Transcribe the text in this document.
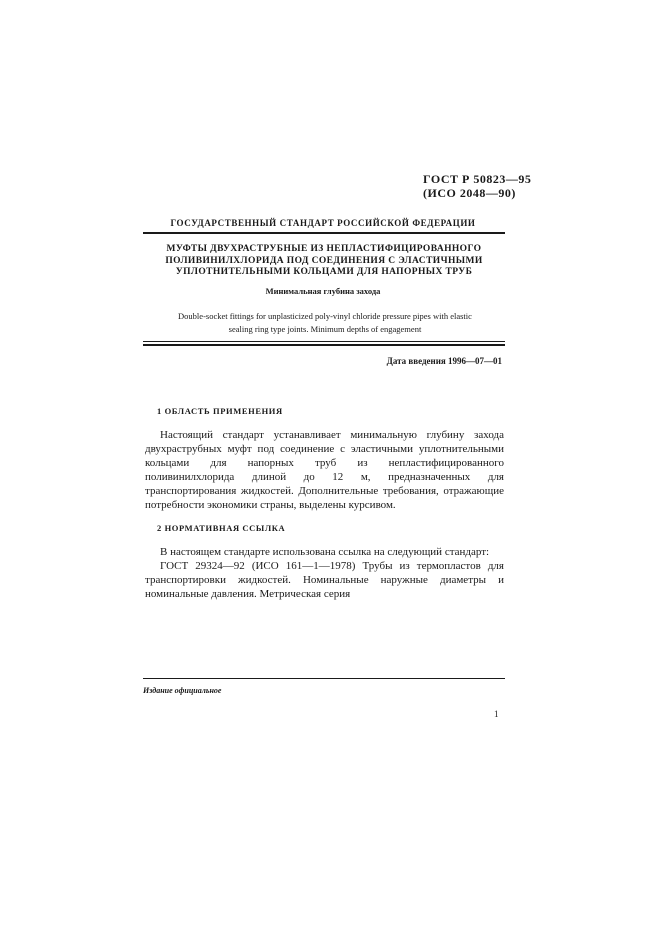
ГОСТ Р 50823—95
(ИСО 2048—90)
ГОСУДАРСТВЕННЫЙ СТАНДАРТ РОССИЙСКОЙ ФЕДЕРАЦИИ
МУФТЫ ДВУХРАСТРУБНЫЕ ИЗ НЕПЛАСТИФИЦИРОВАННОГО
ПОЛИВИНИЛХЛОРИДА ПОД СОЕДИНЕНИЯ С ЭЛАСТИЧНЫМИ
УПЛОТНИТЕЛЬНЫМИ КОЛЬЦАМИ ДЛЯ НАПОРНЫХ ТРУБ
Минимальная глубина захода
Double-socket fittings for unplasticized poly-vinyl chloride pressure pipes with elastic
sealing ring type joints. Minimum depths of engagement
Дата введения 1996—07—01
1 ОБЛАСТЬ ПРИМЕНЕНИЯ

Настоящий стандарт устанавливает минимальную глубину захода двухраструбных муфт под соединение с эластичными уплотнительными кольцами для напорных труб из непластифицированного поливинилхлорида длиной до 12 м, предназначенных для транспортирования жидкостей. Дополнительные требования, отражающие потребности экономики страны, выделены курсивом.

2 НОРМАТИВНАЯ ССЫЛКА

В настоящем стандарте использована ссылка на следующий стандарт:

ГОСТ 29324—92 (ИСО 161—1—1978) Трубы из термопластов для транспортировки жидкостей. Номинальные наружные диаметры и номинальные давления. Метрическая серия

Издание официальное
1
